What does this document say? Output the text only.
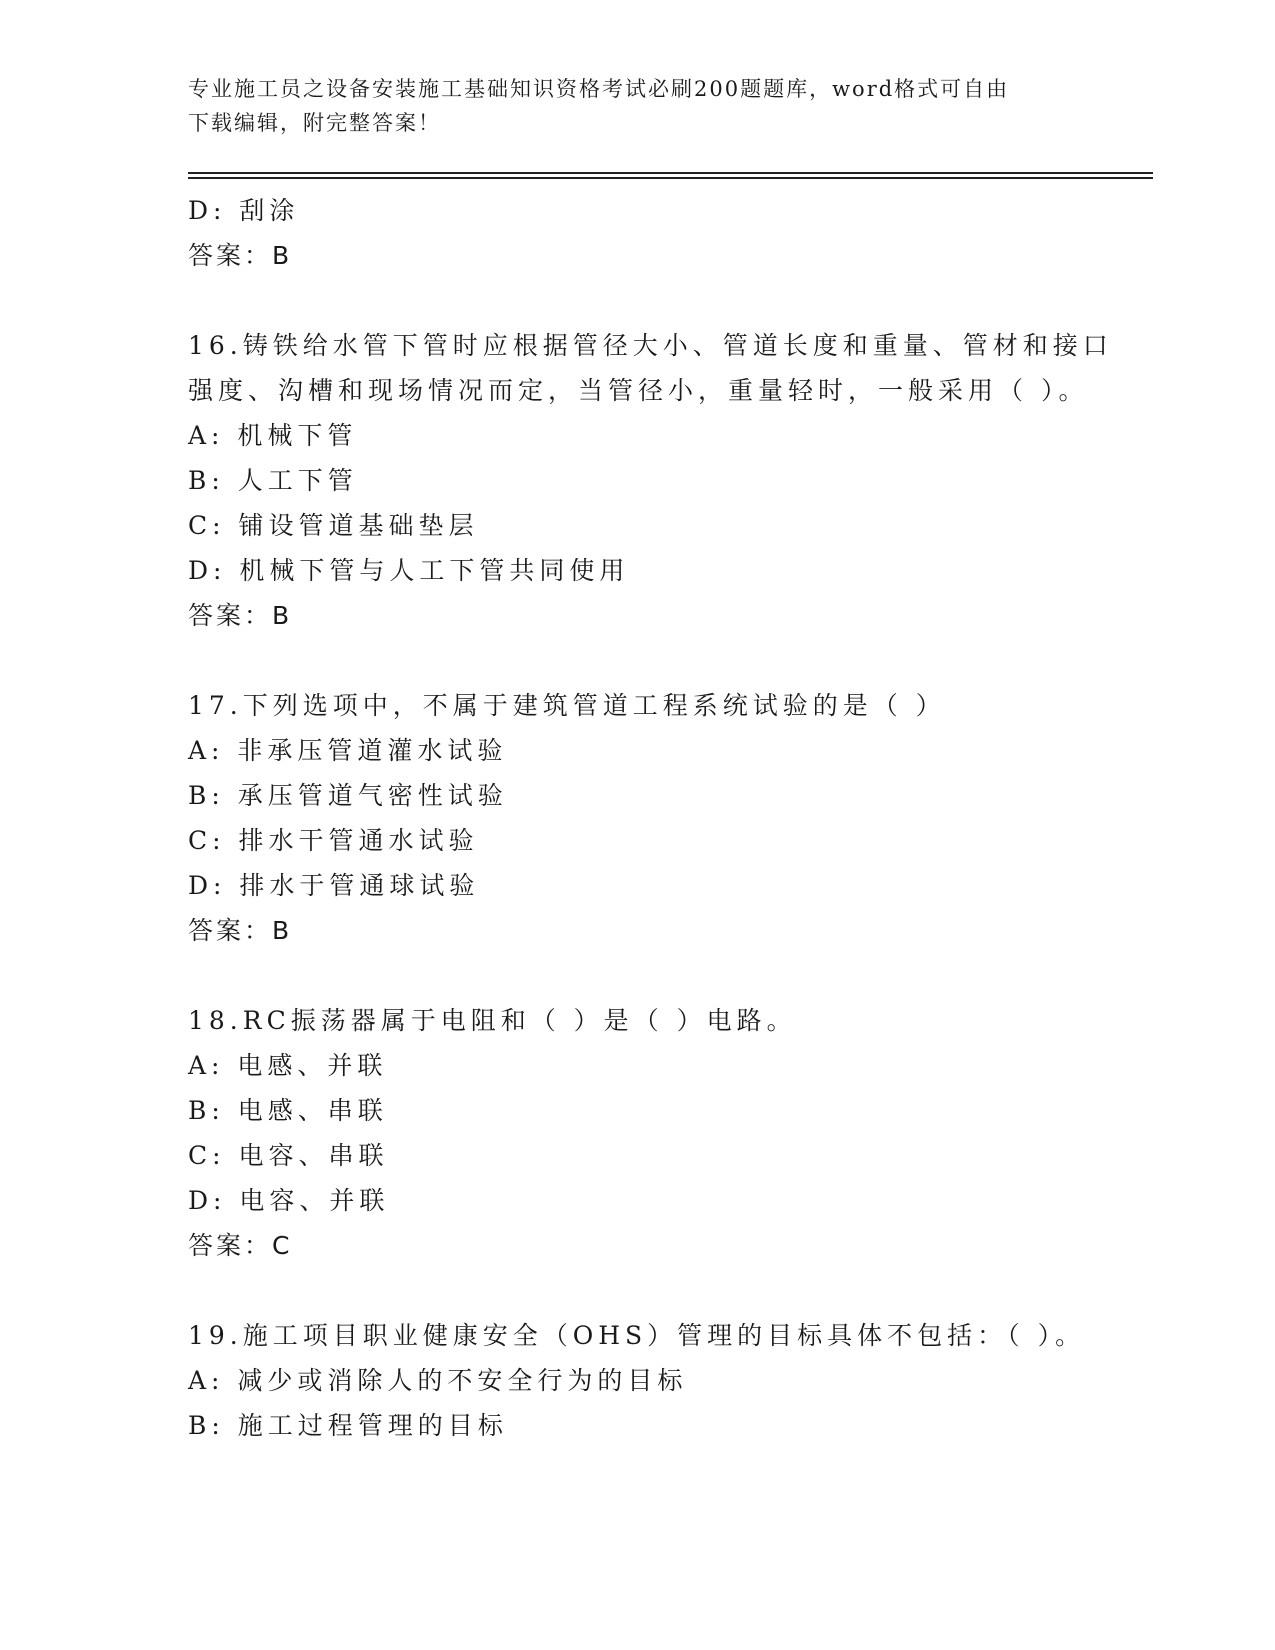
专业施工员之设备安装施工基础知识资格考试必刷200题题库，word格式可自由
下载编辑，附完整答案！
D: 刮涂
答案：B
16.铸铁给水管下管时应根据管径大小、管道长度和重量、管材和接口
强度、沟槽和现场情况而定，当管径小，重量轻时，一般采用（ ）。
A: 机械下管
B: 人工下管
C: 铺设管道基础垫层
D: 机械下管与人工下管共同使用
答案：B
17.下列选项中，不属于建筑管道工程系统试验的是（ ）
A: 非承压管道灌水试验
B: 承压管道气密性试验
C: 排水干管通水试验
D: 排水于管通球试验
答案：B
18.RC振荡器属于电阻和（ ）是（ ）电路。
A: 电感、并联
B: 电感、串联
C: 电容、串联
D: 电容、并联
答案：C
19.施工项目职业健康安全（OHS）管理的目标具体不包括：（ ）。
A: 减少或消除人的不安全行为的目标
B: 施工过程管理的目标
